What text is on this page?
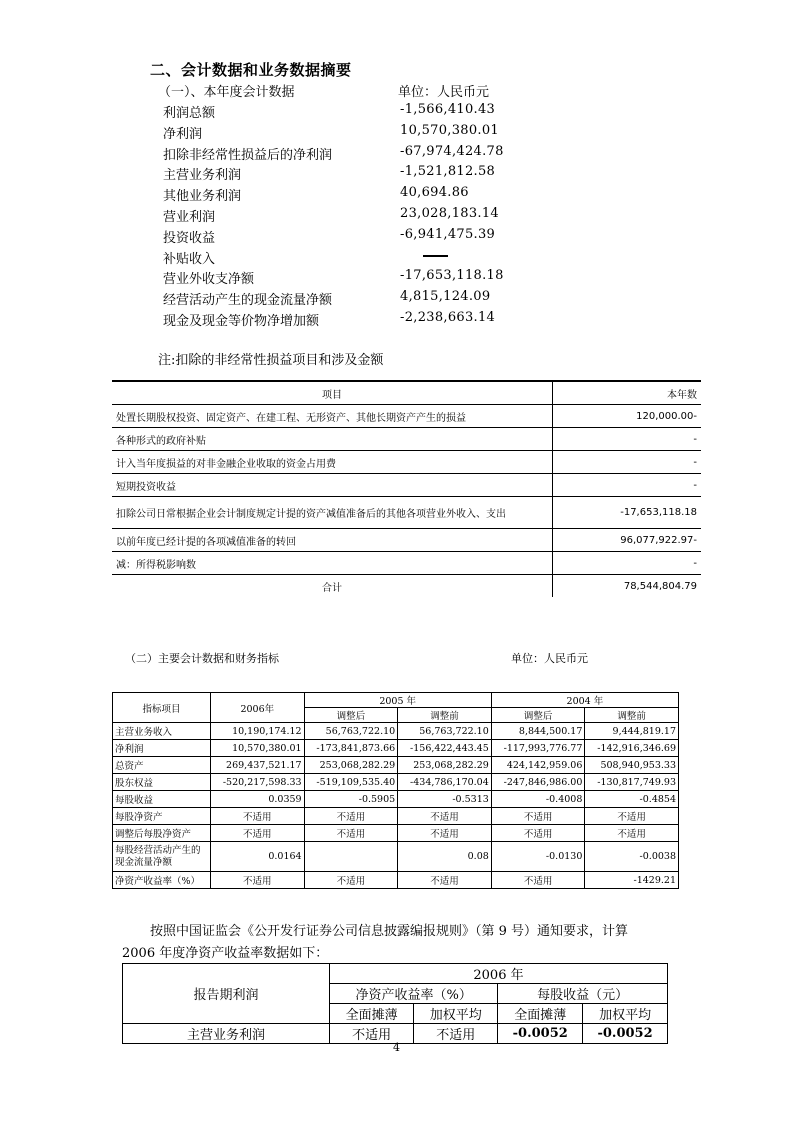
二、会计数据和业务数据摘要
（一）、本年度会计数据	单位：人民币元
利润总额	-1,566,410.43
净利润	10,570,380.01
扣除非经常性损益后的净利润	-67,974,424.78
主营业务利润	-1,521,812.58
其他业务利润	40,694.86
营业利润	23,028,183.14
投资收益	-6,941,475.39
补贴收入
营业外收支净额	-17,653,118.18
经营活动产生的现金流量净额	4,815,124.09
现金及现金等价物净增加额	-2,238,663.14
注:扣除的非经常性损益项目和涉及金额
项目	本年数
处置长期股权投资、固定资产、在建工程、无形资产、其他长期资产产生的损益	120,000.00-
各种形式的政府补贴	-
计入当年度损益的对非金融企业收取的资金占用费	-
短期投资收益	-
扣除公司日常根据企业会计制度规定计提的资产减值准备后的其他各项营业外收入、支出	-17,653,118.18
以前年度已经计提的各项减值准备的转回	96,077,922.97-
减：所得税影响数	-
合计	78,544,804.79
（二）主要会计数据和财务指标	单位：人民币元
指标项目	2006年	2005 年		2004 年	
		调整后	调整前	调整后	调整前
主营业务收入	10,190,174.12	56,763,722.10	56,763,722.10	8,844,500.17	9,444,819.17
净利润	10,570,380.01	-173,841,873.66	-156,422,443.45	-117,993,776.77	-142,916,346.69
总资产	269,437,521.17	253,068,282.29	253,068,282.29	424,142,959.06	508,940,953.33
股东权益	-520,217,598.33	-519,109,535.40	-434,786,170.04	-247,846,986.00	-130,817,749.93
每股收益	0.0359	-0.5905	-0.5313	-0.4008	-0.4854
每股净资产	不适用	不适用	不适用	不适用	不适用
调整后每股净资产	不适用	不适用	不适用	不适用	不适用
每股经营活动产生的现金流量净额	0.0164		0.08	-0.0130	-0.0038
净资产收益率（%）	不适用	不适用	不适用	不适用	-1429.21
按照中国证监会《公开发行证券公司信息披露编报规则》（第 9 号）通知要求，计算
2006 年度净资产收益率数据如下：
报告期利润	2006 年			
	净资产收益率（%）		每股收益（元）	
	全面摊薄	加权平均	全面摊薄	加权平均
主营业务利润	不适用	不适用	-0.0052	-0.0052
4
